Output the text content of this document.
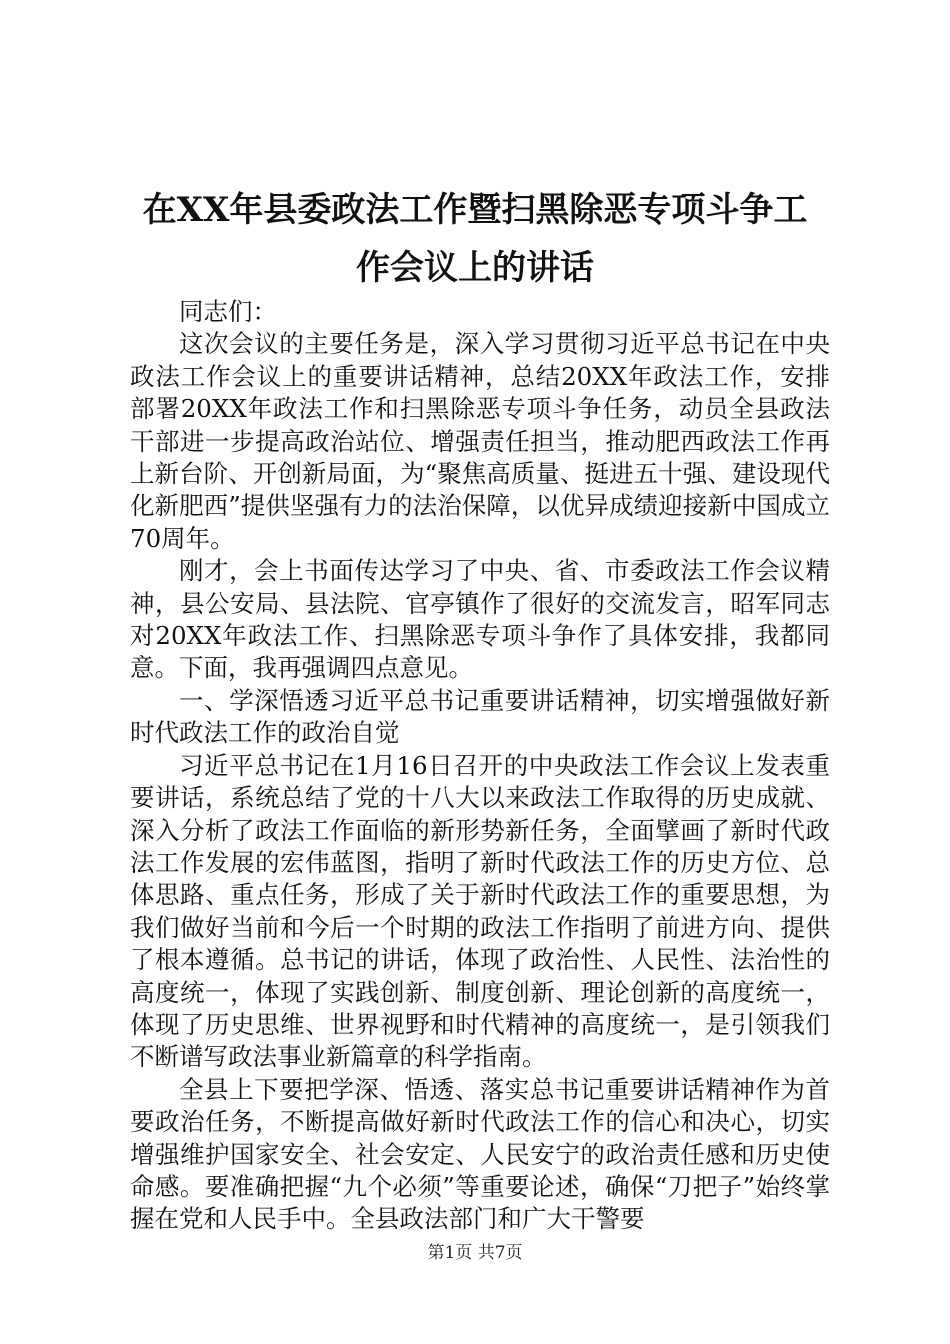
在XX年县委政法工作暨扫黑除恶专项斗争工
作会议上的讲话

同志们：

这次会议的主要任务是，深入学习贯彻习近平总书记在中央政法工作会议上的重要讲话精神，总结20XX年政法工作，安排部署20XX年政法工作和扫黑除恶专项斗争任务，动员全县政法干部进一步提高政治站位、增强责任担当，推动肥西政法工作再上新台阶、开创新局面，为“聚焦高质量、挺进五十强、建设现代化新肥西”提供坚强有力的法治保障，以优异成绩迎接新中国成立70周年。

刚才，会上书面传达学习了中央、省、市委政法工作会议精神，县公安局、县法院、官亭镇作了很好的交流发言，昭军同志对20XX年政法工作、扫黑除恶专项斗争作了具体安排，我都同意。下面，我再强调四点意见。

一、学深悟透习近平总书记重要讲话精神，切实增强做好新时代政法工作的政治自觉

习近平总书记在1月16日召开的中央政法工作会议上发表重要讲话，系统总结了党的十八大以来政法工作取得的历史成就、深入分析了政法工作面临的新形势新任务，全面擘画了新时代政法工作发展的宏伟蓝图，指明了新时代政法工作的历史方位、总体思路、重点任务，形成了关于新时代政法工作的重要思想，为我们做好当前和今后一个时期的政法工作指明了前进方向、提供了根本遵循。总书记的讲话，体现了政治性、人民性、法治性的高度统一，体现了实践创新、制度创新、理论创新的高度统一，体现了历史思维、世界视野和时代精神的高度统一，是引领我们不断谱写政法事业新篇章的科学指南。

全县上下要把学深、悟透、落实总书记重要讲话精神作为首要政治任务，不断提高做好新时代政法工作的信心和决心，切实增强维护国家安全、社会安定、人民安宁的政治责任感和历史使命感。要准确把握“九个必须”等重要论述，确保“刀把子”始终掌握在党和人民手中。全县政法部门和广大干警要

第1页 共7页
